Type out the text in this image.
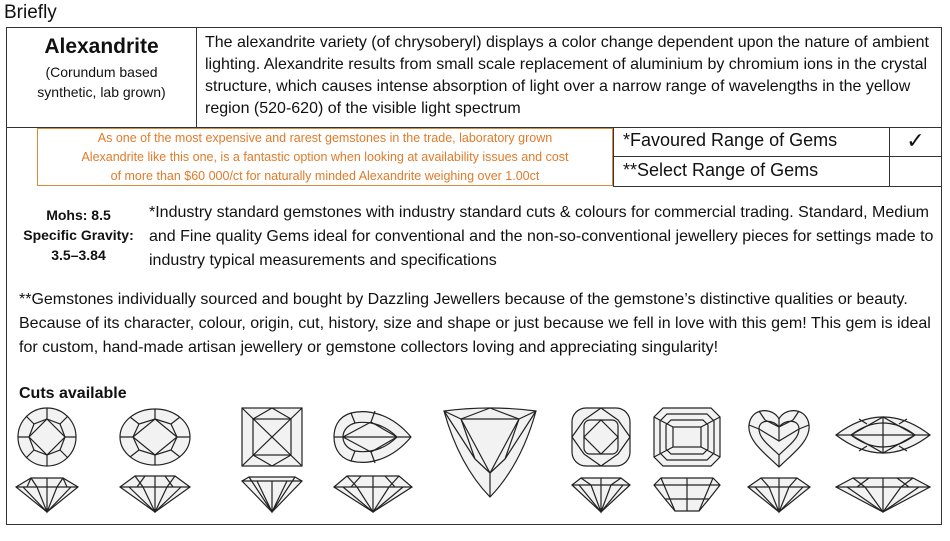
Briefly
Alexandrite
(Corundum based
synthetic, lab grown)
The alexandrite variety (of chrysoberyl) displays a color change dependent upon the nature of ambient lighting. Alexandrite results from small scale replacement of aluminium by chromium ions in the crystal structure, which causes intense absorption of light over a narrow range of wavelengths in the yellow region (520-620) of the visible light spectrum
As one of the most expensive and rarest gemstones in the trade, laboratory grown
Alexandrite like this one, is a fantastic option when looking at availability issues and cost
of more than $60 000/ct for naturally minded Alexandrite weighing over 1.00ct
*Favoured Range of Gems	✓
**Select Range of Gems
Mohs: 8.5
Specific Gravity:
3.5–3.84
*Industry standard gemstones with industry standard cuts & colours for commercial trading. Standard, Medium and Fine quality Gems ideal for conventional and the non-so-conventional jewellery pieces for settings made to industry typical measurements and specifications
**Gemstones individually sourced and bought by Dazzling Jewellers because of the gemstone’s distinctive qualities or beauty. Because of its character, colour, origin, cut, history, size and shape or just because we fell in love with this gem! This gem is ideal for custom, hand-made artisan jewellery or gemstone collectors loving and appreciating singularity!
Cuts available
